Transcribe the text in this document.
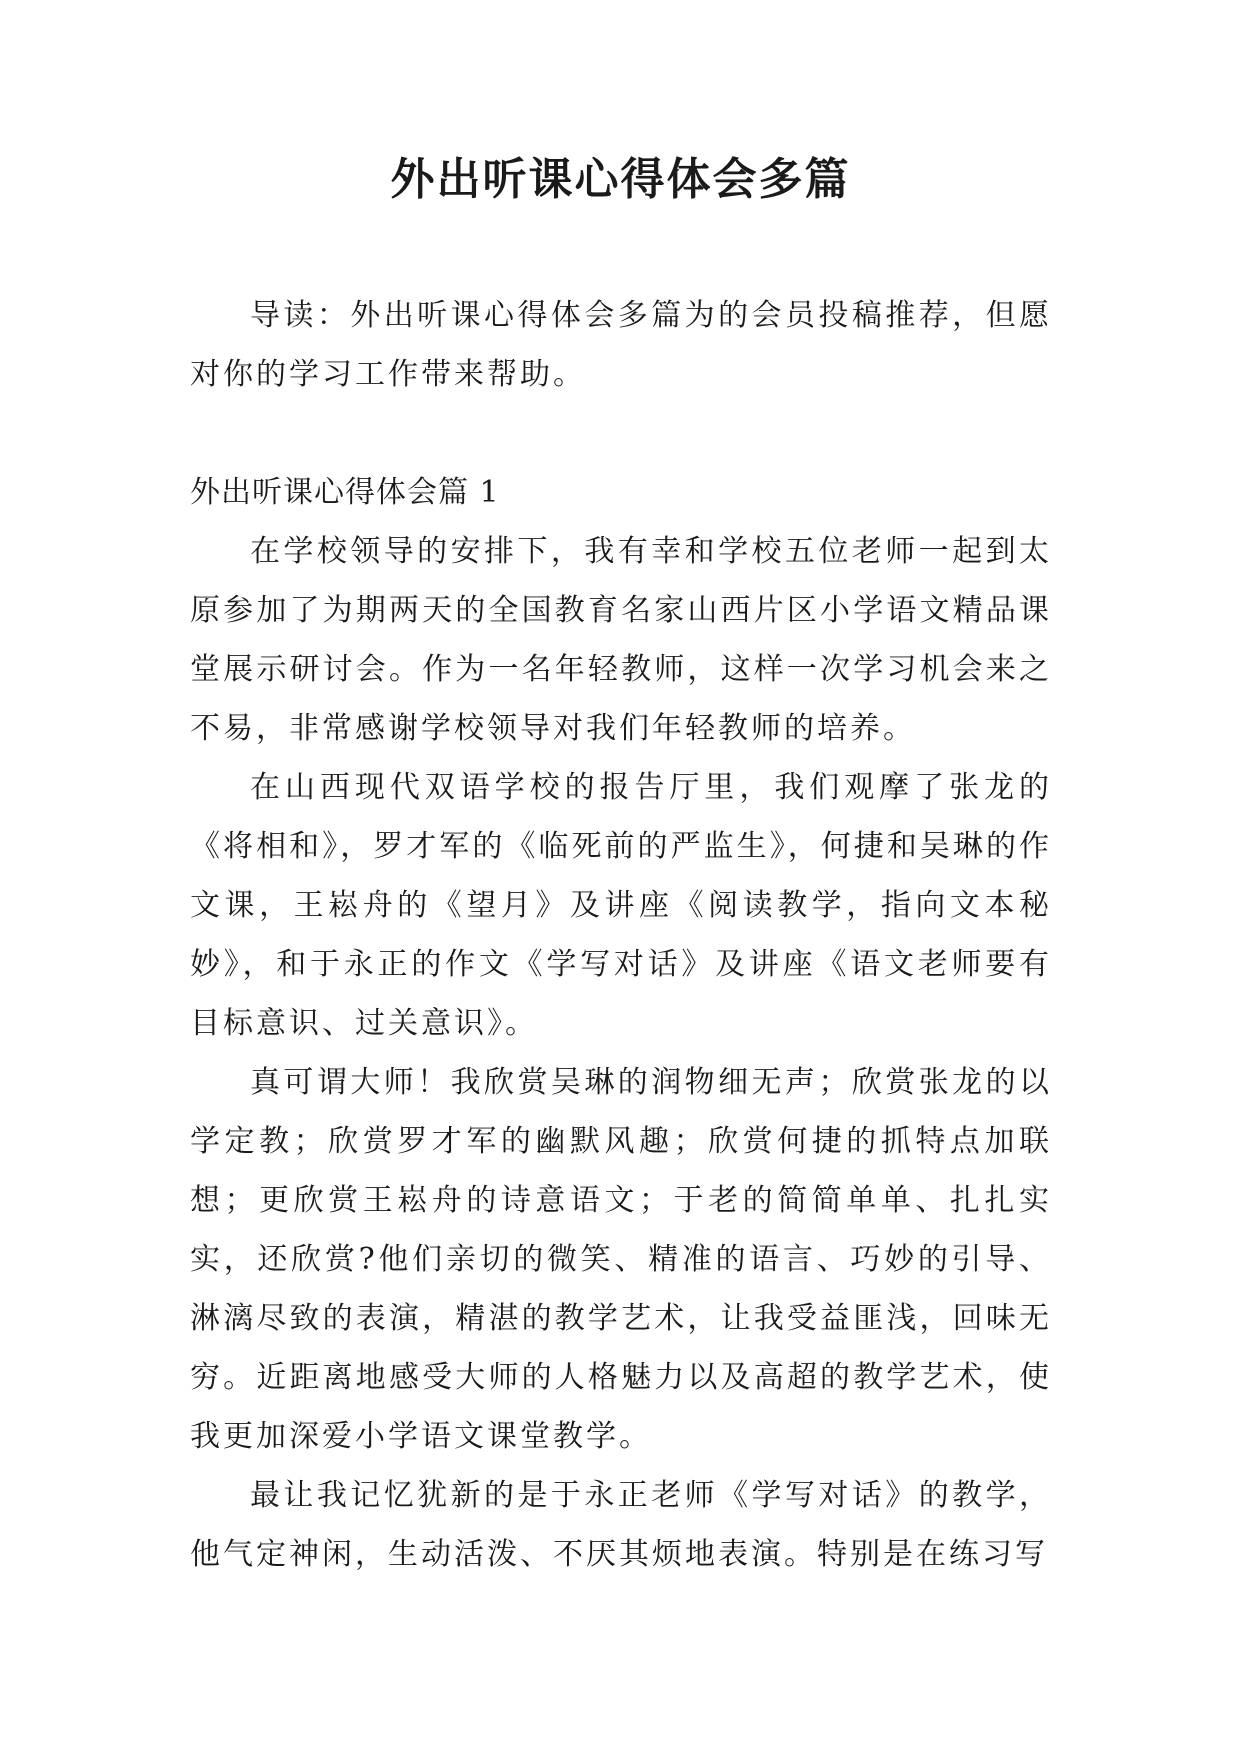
外出听课心得体会多篇

导读：外出听课心得体会多篇为的会员投稿推荐，但愿对你的学习工作带来帮助。

外出听课心得体会篇 1

在学校领导的安排下，我有幸和学校五位老师一起到太原参加了为期两天的全国教育名家山西片区小学语文精品课堂展示研讨会。作为一名年轻教师，这样一次学习机会来之不易，非常感谢学校领导对我们年轻教师的培养。

在山西现代双语学校的报告厅里，我们观摩了张龙的《将相和》，罗才军的《临死前的严监生》，何捷和吴琳的作文课，王崧舟的《望月》及讲座《阅读教学，指向文本秘妙》，和于永正的作文《学写对话》及讲座《语文老师要有目标意识、过关意识》。

真可谓大师！我欣赏吴琳的润物细无声；欣赏张龙的以学定教；欣赏罗才军的幽默风趣；欣赏何捷的抓特点加联想；更欣赏王崧舟的诗意语文；于老的简简单单、扎扎实实，还欣赏?他们亲切的微笑、精准的语言、巧妙的引导、淋漓尽致的表演，精湛的教学艺术，让我受益匪浅，回味无穷。近距离地感受大师的人格魅力以及高超的教学艺术，使我更加深爱小学语文课堂教学。

最让我记忆犹新的是于永正老师《学写对话》的教学，他气定神闲，生动活泼、不厌其烦地表演。特别是在练习写
